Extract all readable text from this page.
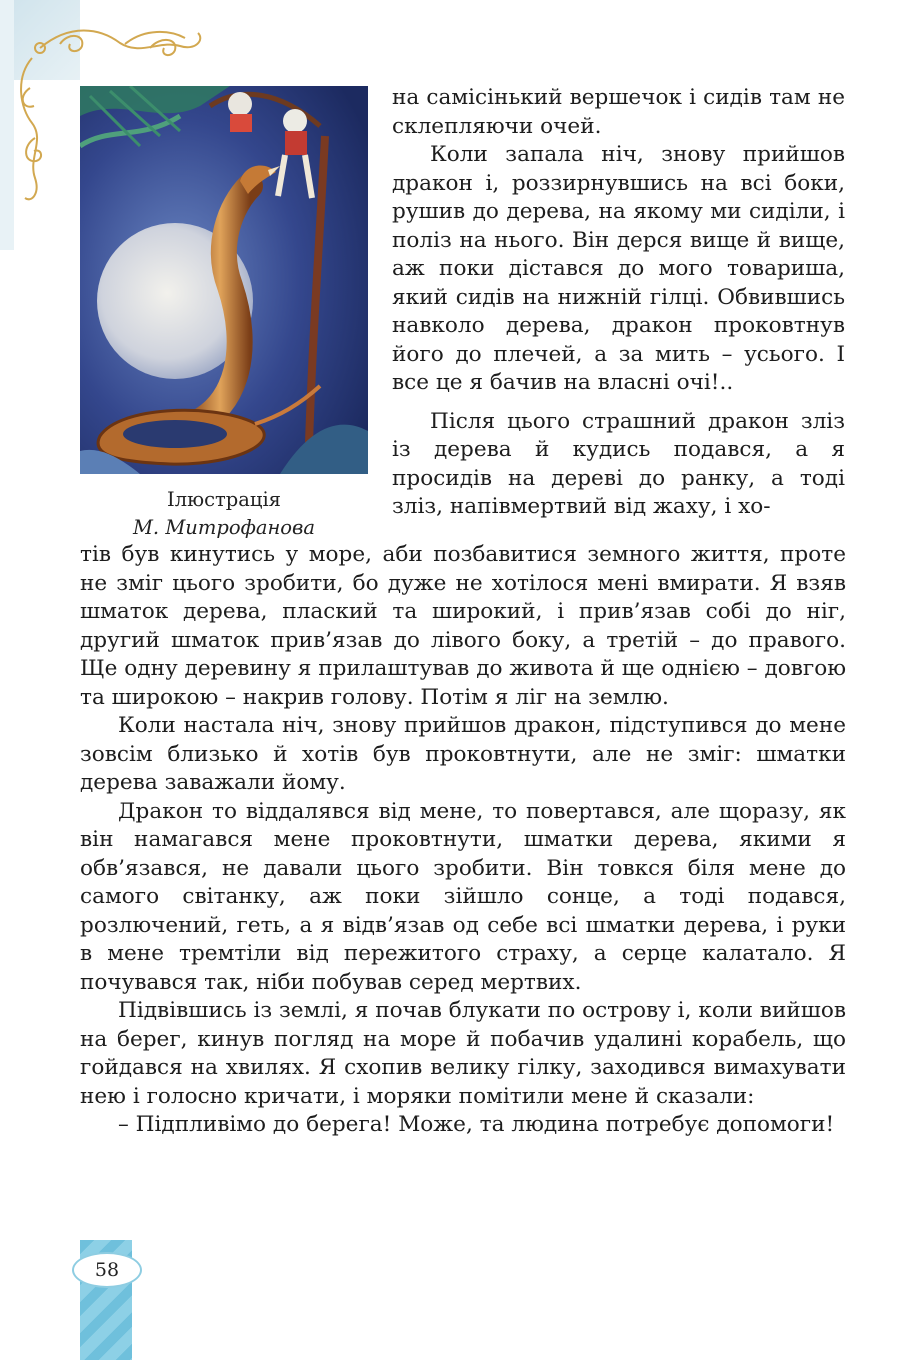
Ілюстрація
М. Митрофанова

на самісінький вершечок і сидів там не склепляючи очей.

Коли запала ніч, знову прийшов дракон і, роззирнувшись на всі боки, рушив до дерева, на якому ми сиділи, і поліз на нього. Він дерся вище й вище, аж поки дістався до мого товариша, який сидів на нижній гілці. Обвившись навколо дерева, дракон проковтнув його до плечей, а за мить – усього. І все це я бачив на власні очі!..

Після цього страшний дракон зліз із дерева й кудись подався, а я просидів на дереві до ранку, а тоді зліз, напівмертвий від жаху, і хо-

тів був кинутись у море, аби позбавитися земного життя, проте не зміг цього зробити, бо дуже не хотілося мені вмирати. Я взяв шматок дерева, плаский та широкий, і прив’язав собі до ніг, другий шматок прив’язав до лівого боку, а третій – до правого. Ще одну деревину я прилаштував до живота й ще однією – довгою та широкою – накрив голову. Потім я ліг на землю.

Коли настала ніч, знову прийшов дракон, підступився до мене зовсім близько й хотів був проковтнути, але не зміг: шматки дерева заважали йому.

Дракон то віддалявся від мене, то повертався, але щоразу, як він намагався мене проковтнути, шматки дерева, якими я обв’язався, не давали цього зробити. Він товкся біля мене до самого світанку, аж поки зійшло сонце, а тоді подався, розлючений, геть, а я відв’язав од себе всі шматки дерева, і руки в мене тремтіли від пережитого страху, а серце калатало. Я почувався так, ніби побував серед мертвих.

Підвівшись із землі, я почав блукати по острову і, коли вийшов на берег, кинув погляд на море й побачив удалині корабель, що гойдався на хвилях. Я схопив велику гілку, заходився вимахувати нею і голосно кричати, і моряки помітили мене й сказали:

– Підпливімо до берега! Може, та людина потребує допомоги!

58
